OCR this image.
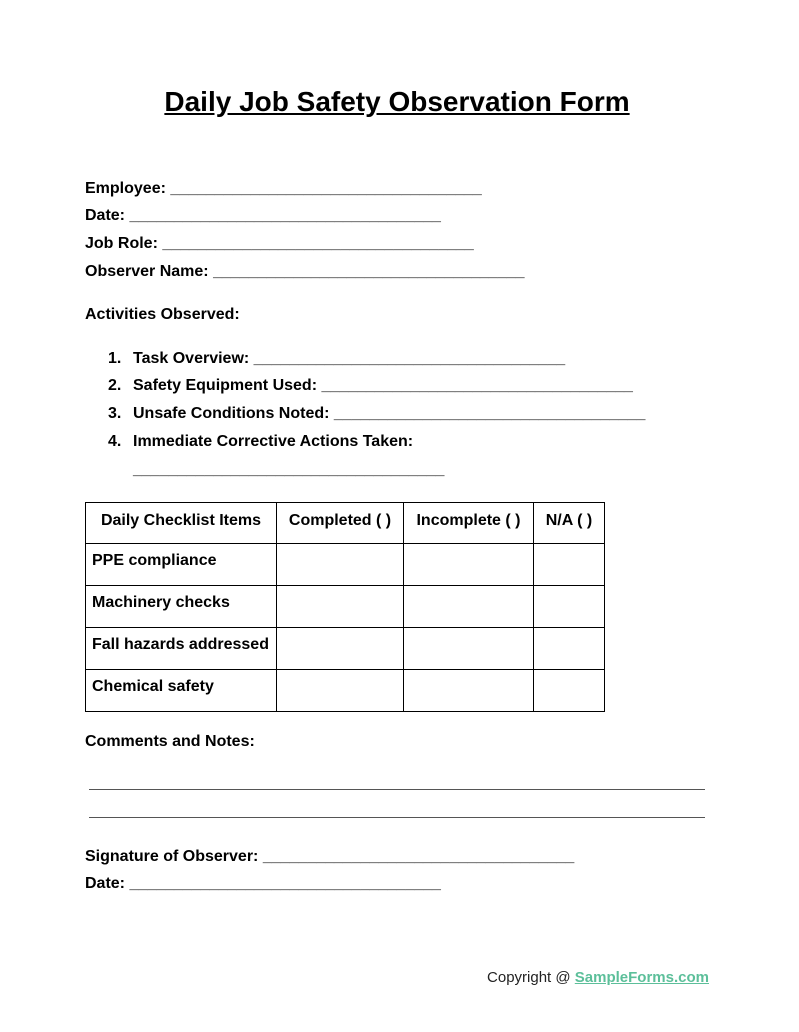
Daily Job Safety Observation Form
Employee: ___________________________________
Date: ___________________________________
Job Role: ___________________________________
Observer Name: ___________________________________
Activities Observed:
1. Task Overview: ___________________________________
2. Safety Equipment Used: ___________________________________
3. Unsafe Conditions Noted: ___________________________________
4. Immediate Corrective Actions Taken:
___________________________________
Daily Checklist Items	Completed ( )	Incomplete ( )	N/A ( )
PPE compliance			
Machinery checks			
Fall hazards addressed			
Chemical safety			
Comments and Notes:
Signature of Observer: ___________________________________
Date: ___________________________________
Copyright @ SampleForms.com
